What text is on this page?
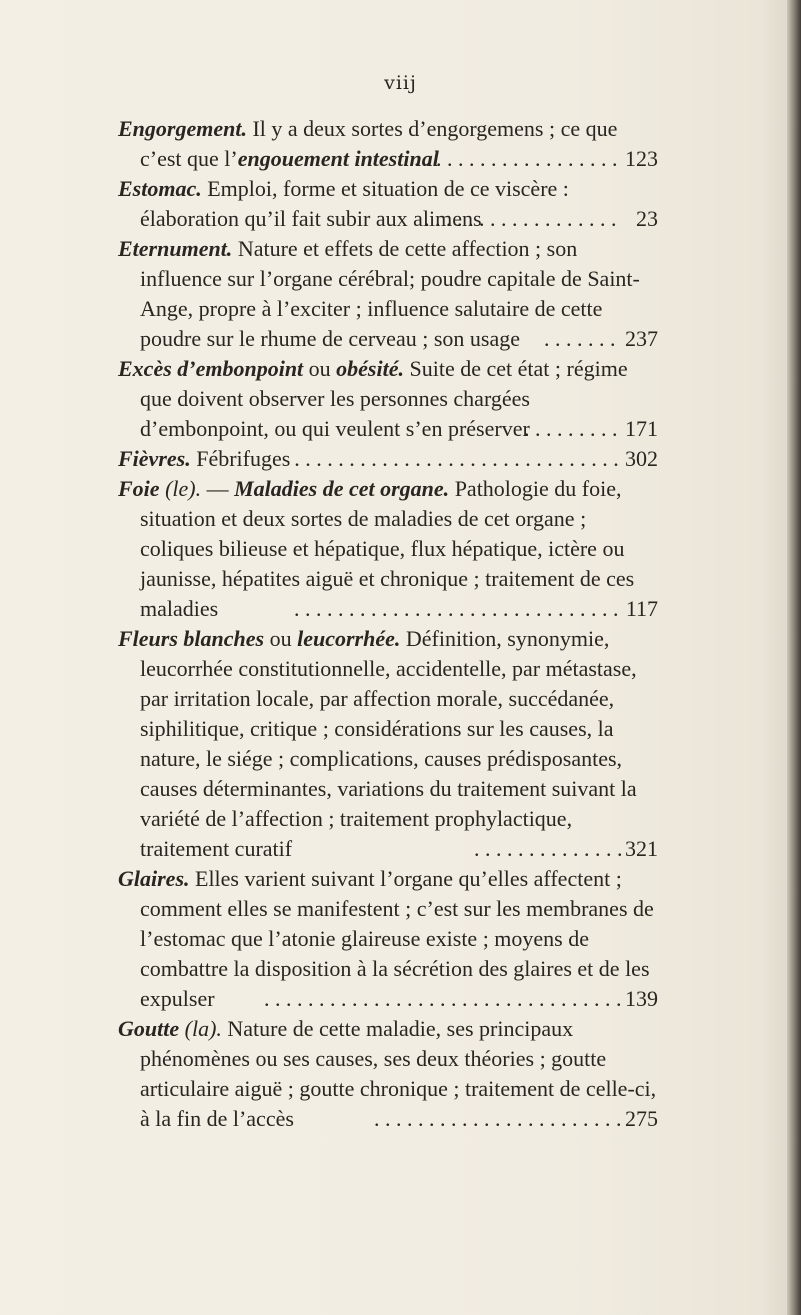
viij
Engorgement. Il y a deux sortes d’engorgemens ; ce que c’est que l’engouement intestinal . . .	123
Estomac. Emploi, forme et situation de ce viscère : élaboration qu’il fait subir aux alimens . . .	23
Eternument. Nature et effets de cette affection ; son influence sur l’organe cérébral; poudre capitale de Saint-Ange, propre à l’exciter ; influence salutaire de cette poudre sur le rhume de cerveau ; son usage . . .	237
Excès d’embonpoint ou obésité. Suite de cet état ; régime que doivent observer les personnes chargées d’embonpoint, ou qui veulent s’en préserver . . .	171
Fièvres. Fébrifuges . . .	302
Foie (le). — Maladies de cet organe. Pathologie du foie, situation et deux sortes de maladies de cet organe ; coliques bilieuse et hépatique, flux hépatique, ictère ou jaunisse, hépatites aiguë et chronique ; traitement de ces maladies . . .	117
Fleurs blanches ou leucorrhée. Définition, synonymie, leucorrhée constitutionnelle, accidentelle, par métastase, par irritation locale, par affection morale, succédanée, siphilitique, critique ; considérations sur les causes, la nature, le siége ; complications, causes prédisposantes, causes déterminantes, variations du traitement suivant la variété de l’affection ; traitement prophylactique, traitement curatif . . .	321
Glaires. Elles varient suivant l’organe qu’elles affectent ; comment elles se manifestent ; c’est sur les membranes de l’estomac que l’atonie glaireuse existe ; moyens de combattre la disposition à la sécrétion des glaires et de les expulser . . .	139
Goutte (la). Nature de cette maladie, ses principaux phénomènes ou ses causes, ses deux théories ; goutte articulaire aiguë ; goutte chronique ; traitement de celle-ci, à la fin de l’accès . . .	275
